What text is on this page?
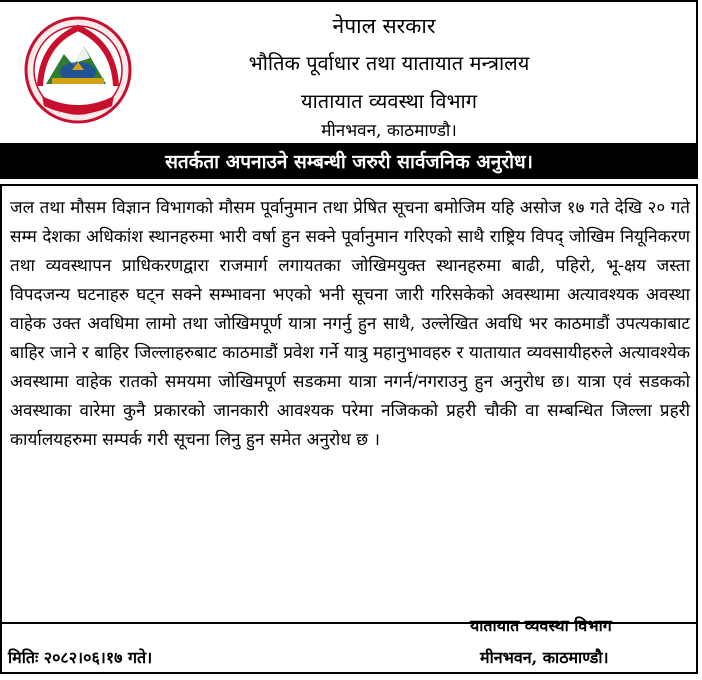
नेपाल सरकार
भौतिक पूर्वाधार तथा यातायात मन्त्रालय
यातायात व्यवस्था विभाग
मीनभवन, काठमाण्डौ।
सतर्कता अपनाउने सम्बन्धी जरुरी सार्वजनिक अनुरोध।

जल तथा मौसम विज्ञान विभागको मौसम पूर्वानुमान तथा प्रेषित सूचना बमोजिम यहि असोज १७ गते देखि २० गते सम्म देशका अधिकांश स्थानहरुमा भारी वर्षा हुन सक्ने पूर्वानुमान गरिएको साथै राष्ट्रिय विपद् जोखिम नियूनिकरण तथा व्यवस्थापन प्राधिकरणद्वारा राजमार्ग लगायतका जोखिमयुक्त स्थानहरुमा बाढी, पहिरो, भू-क्षय जस्ता विपदजन्य घटनाहरु घट्न सक्ने सम्भावना भएको भनी सूचना जारी गरिसकेको अवस्थामा अत्यावश्यक अवस्था वाहेक उक्त अवधिमा लामो तथा जोखिमपूर्ण यात्रा नगर्नु हुन साथै, उल्लेखित अवधि भर काठमाडौं उपत्यकाबाट बाहिर जाने र बाहिर जिल्लाहरुबाट काठमाडौं प्रवेश गर्ने यात्रु महानुभावहरु र यातायात व्यवसायीहरुले अत्यावश्येक अवस्थामा वाहेक रातको समयमा जोखिमपूर्ण सडकमा यात्रा नगर्न/नगराउनु हुन अनुरोध छ। यात्रा एवं सडकको अवस्थाका वारेमा कुनै प्रकारको जानकारी आवश्यक परेमा नजिकको प्रहरी चौकी वा सम्बन्धित जिल्ला प्रहरी कार्यालयहरुमा सम्पर्क गरी सूचना लिनु हुन समेत अनुरोध छ ।

यातायात व्यवस्था विभाग
मितिः २०८२।०६।१७ गते।	मीनभवन, काठमाण्डौ।
